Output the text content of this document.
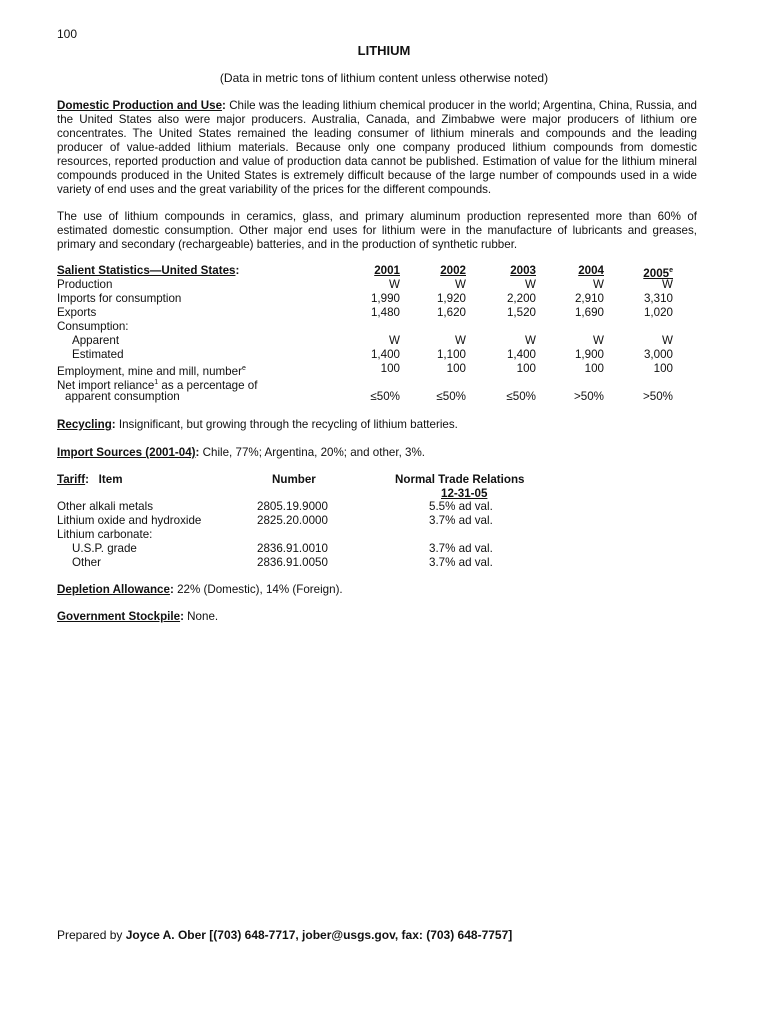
100
LITHIUM
(Data in metric tons of lithium content unless otherwise noted)
Domestic Production and Use: Chile was the leading lithium chemical producer in the world; Argentina, China, Russia, and the United States also were major producers. Australia, Canada, and Zimbabwe were major producers of lithium ore concentrates. The United States remained the leading consumer of lithium minerals and compounds and the leading producer of value-added lithium materials. Because only one company produced lithium compounds from domestic resources, reported production and value of production data cannot be published. Estimation of value for the lithium mineral compounds produced in the United States is extremely difficult because of the large number of compounds used in a wide variety of end uses and the great variability of the prices for the different compounds.
The use of lithium compounds in ceramics, glass, and primary aluminum production represented more than 60% of estimated domestic consumption. Other major end uses for lithium were in the manufacture of lubricants and greases, primary and secondary (rechargeable) batteries, and in the production of synthetic rubber.
Salient Statistics—United States:	2001	2002	2003	2004	2005e
Production	W	W	W	W	W
Imports for consumption	1,990	1,920	2,200	2,910	3,310
Exports	1,480	1,620	1,520	1,690	1,020
Consumption:
Apparent	W	W	W	W	W
Estimated	1,400	1,100	1,400	1,900	3,000
Employment, mine and mill, number$^e$	100	100	100	100	100
Net import reliance$^1$ as a percentage of
apparent consumption	≤50%	≤50%	≤50%	>50%	>50%
Recycling: Insignificant, but growing through the recycling of lithium batteries.
Import Sources (2001-04): Chile, 77%; Argentina, 20%; and other, 3%.
Tariff: Item	Number	Normal Trade Relations
12-31-05
Other alkali metals	2805.19.9000	5.5% ad val.
Lithium oxide and hydroxide	2825.20.0000	3.7% ad val.
Lithium carbonate:
U.S.P. grade	2836.91.0010	3.7% ad val.
Other	2836.91.0050	3.7% ad val.
Depletion Allowance: 22% (Domestic), 14% (Foreign).
Government Stockpile: None.
Prepared by Joyce A. Ober [(703) 648-7717, jober@usgs.gov, fax: (703) 648-7757]
